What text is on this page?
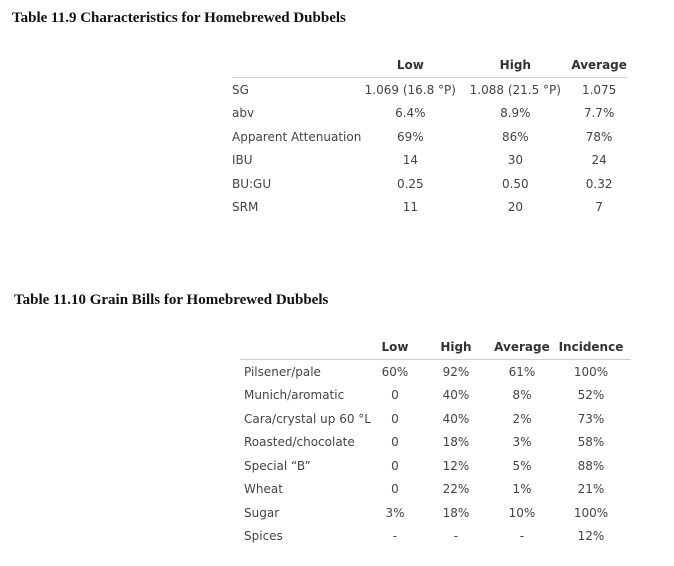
Table 11.9 Characteristics for Homebrewed Dubbels
	Low	High	Average
SG	1.069 (16.8 °P)	1.088 (21.5 °P)	1.075
abv	6.4%	8.9%	7.7%
Apparent Attenuation	69%	86%	78%
IBU	14	30	24
BU:GU	0.25	0.50	0.32
SRM	11	20	7
Table 11.10 Grain Bills for Homebrewed Dubbels
	Low	High	Average	Incidence
Pilsener/pale	60%	92%	61%	100%
Munich/aromatic	0	40%	8%	52%
Cara/crystal up 60 °L	0	40%	2%	73%
Roasted/chocolate	0	18%	3%	58%
Special “B”	0	12%	5%	88%
Wheat	0	22%	1%	21%
Sugar	3%	18%	10%	100%
Spices	-	-	-	12%
